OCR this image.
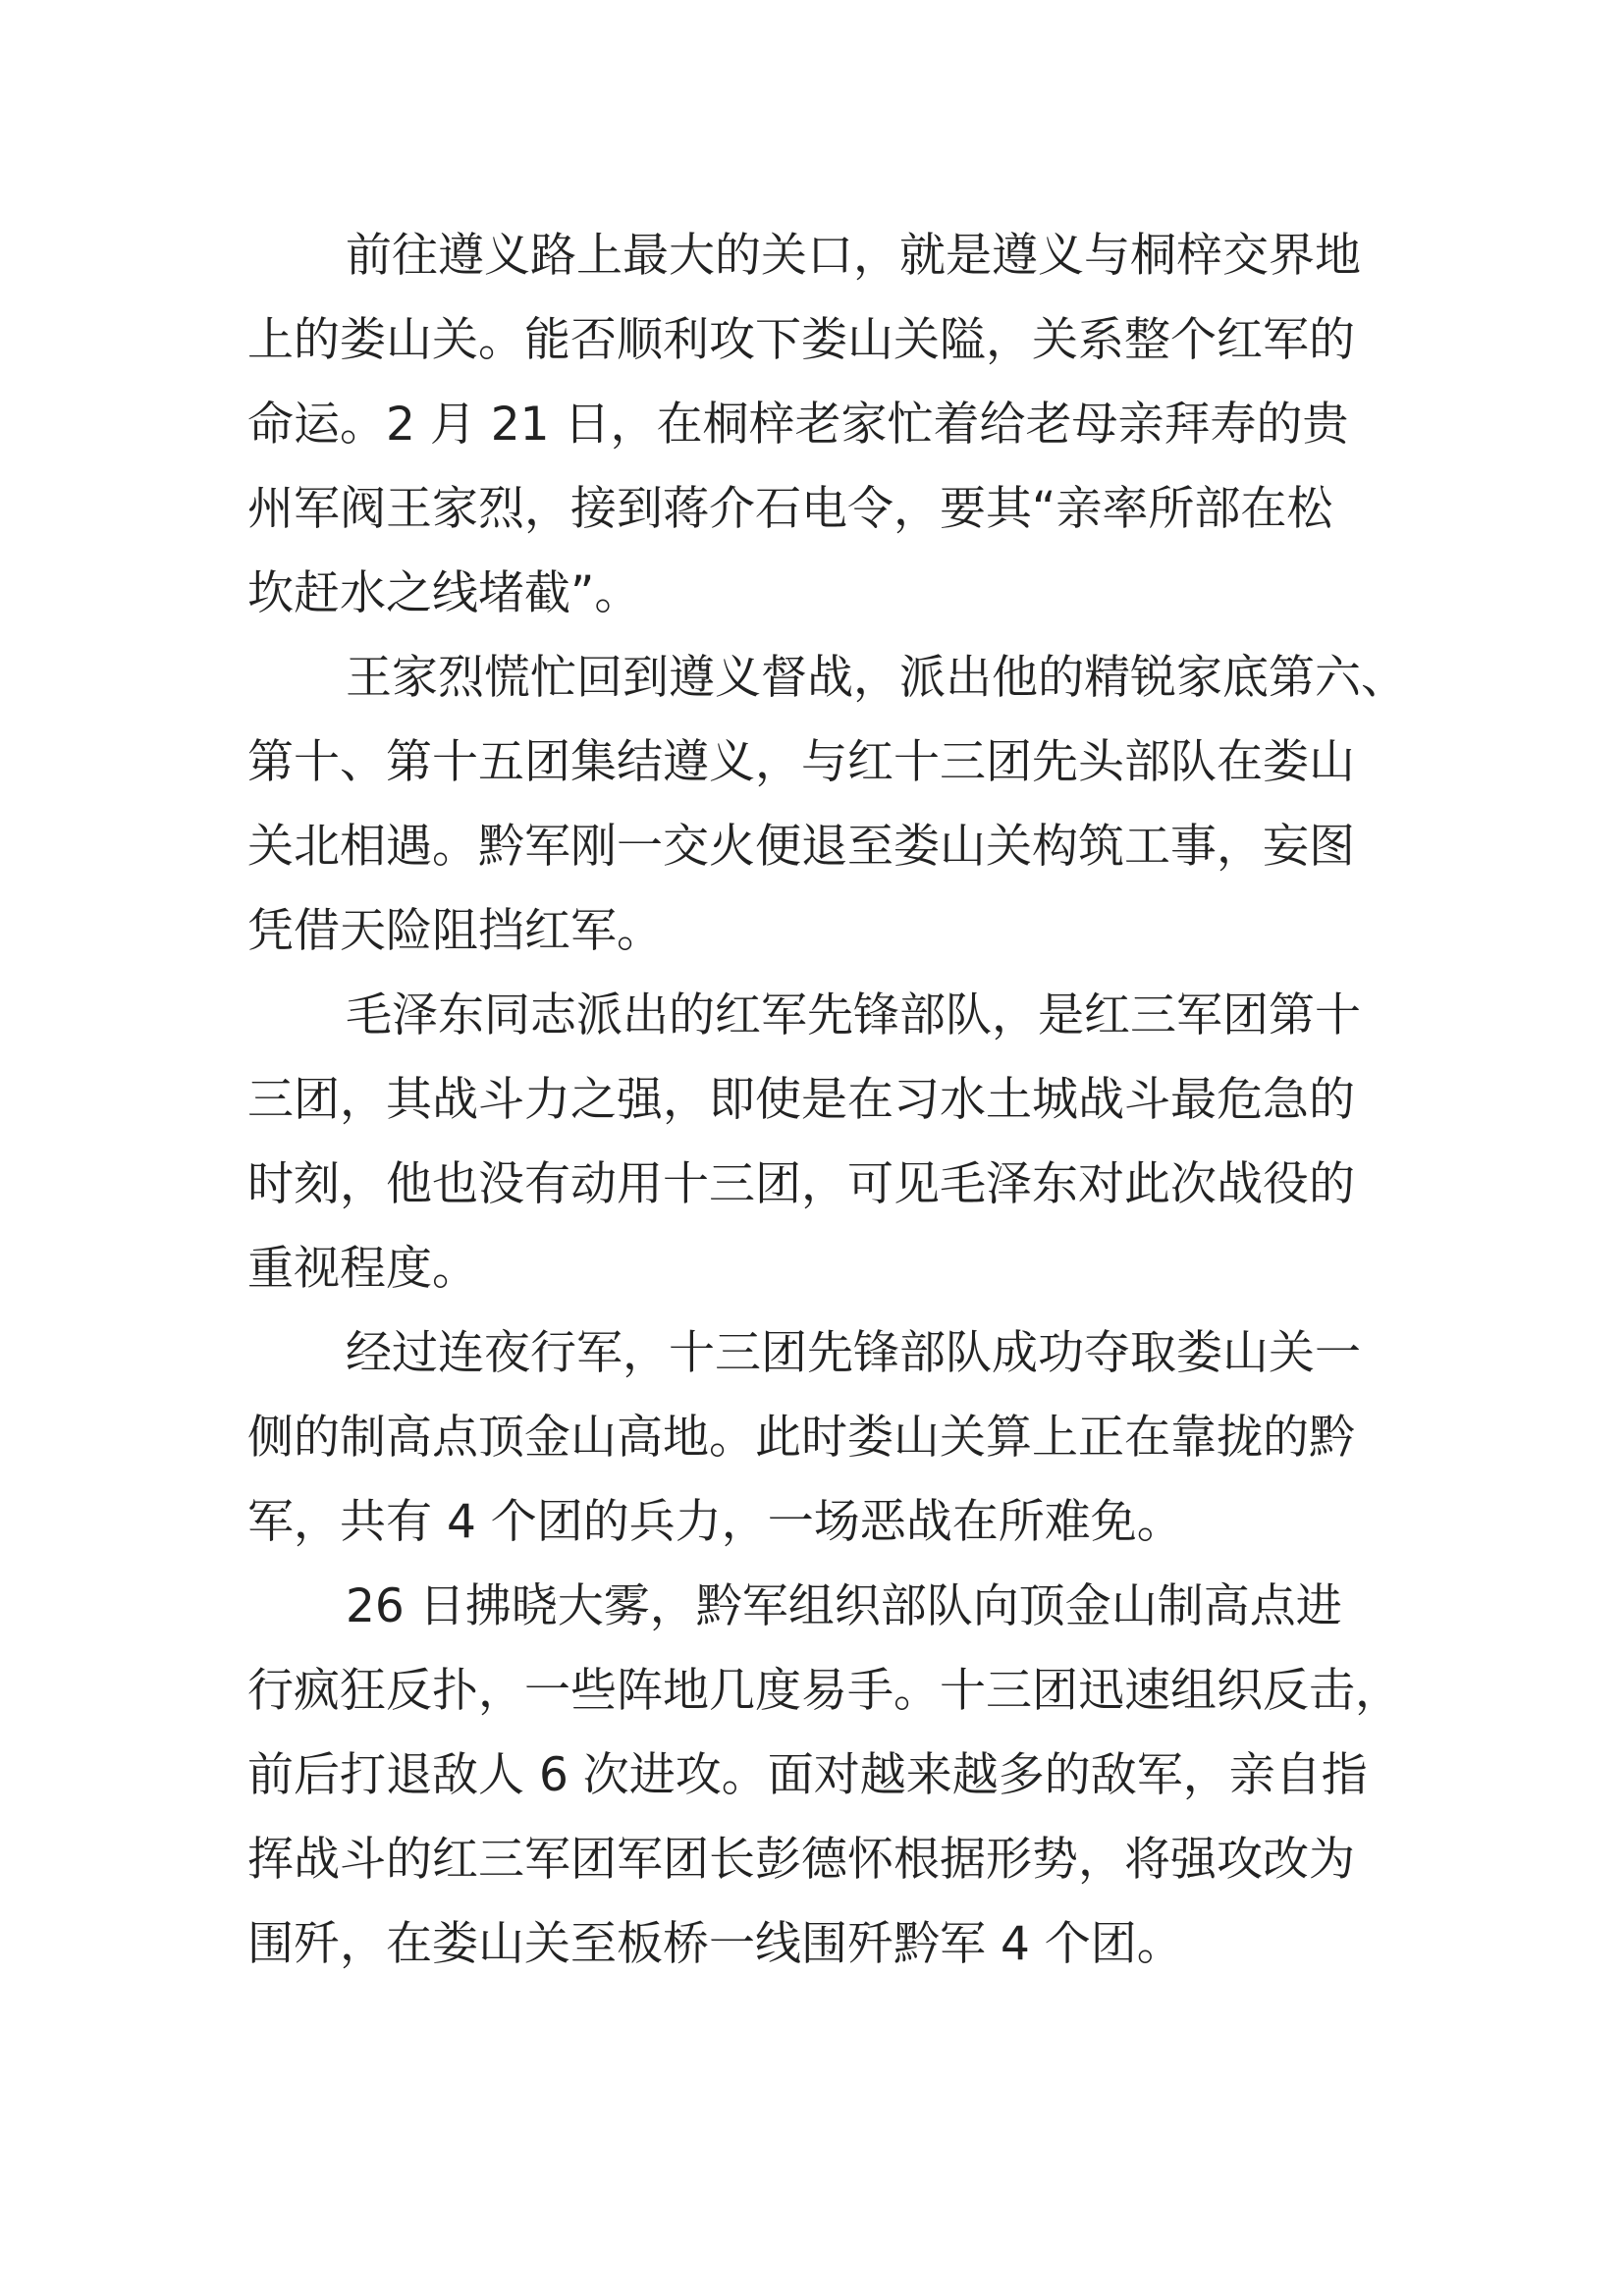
前往遵义路上最大的关口，就是遵义与桐梓交界地
上的娄山关。能否顺利攻下娄山关隘，关系整个红军的
命运。2 月 21 日，在桐梓老家忙着给老母亲拜寿的贵
州军阀王家烈，接到蒋介石电令，要其“亲率所部在松
坎赶水之线堵截”。

王家烈慌忙回到遵义督战，派出他的精锐家底第六、
第十、第十五团集结遵义，与红十三团先头部队在娄山
关北相遇。黔军刚一交火便退至娄山关构筑工事，妄图
凭借天险阻挡红军。

毛泽东同志派出的红军先锋部队，是红三军团第十
三团，其战斗力之强，即使是在习水土城战斗最危急的
时刻，他也没有动用十三团，可见毛泽东对此次战役的
重视程度。

经过连夜行军，十三团先锋部队成功夺取娄山关一
侧的制高点顶金山高地。此时娄山关算上正在靠拢的黔
军，共有 4 个团的兵力，一场恶战在所难免。

26 日拂晓大雾，黔军组织部队向顶金山制高点进
行疯狂反扑，一些阵地几度易手。十三团迅速组织反击，
前后打退敌人 6 次进攻。面对越来越多的敌军，亲自指
挥战斗的红三军团军团长彭德怀根据形势，将强攻改为
围歼，在娄山关至板桥一线围歼黔军 4 个团。
